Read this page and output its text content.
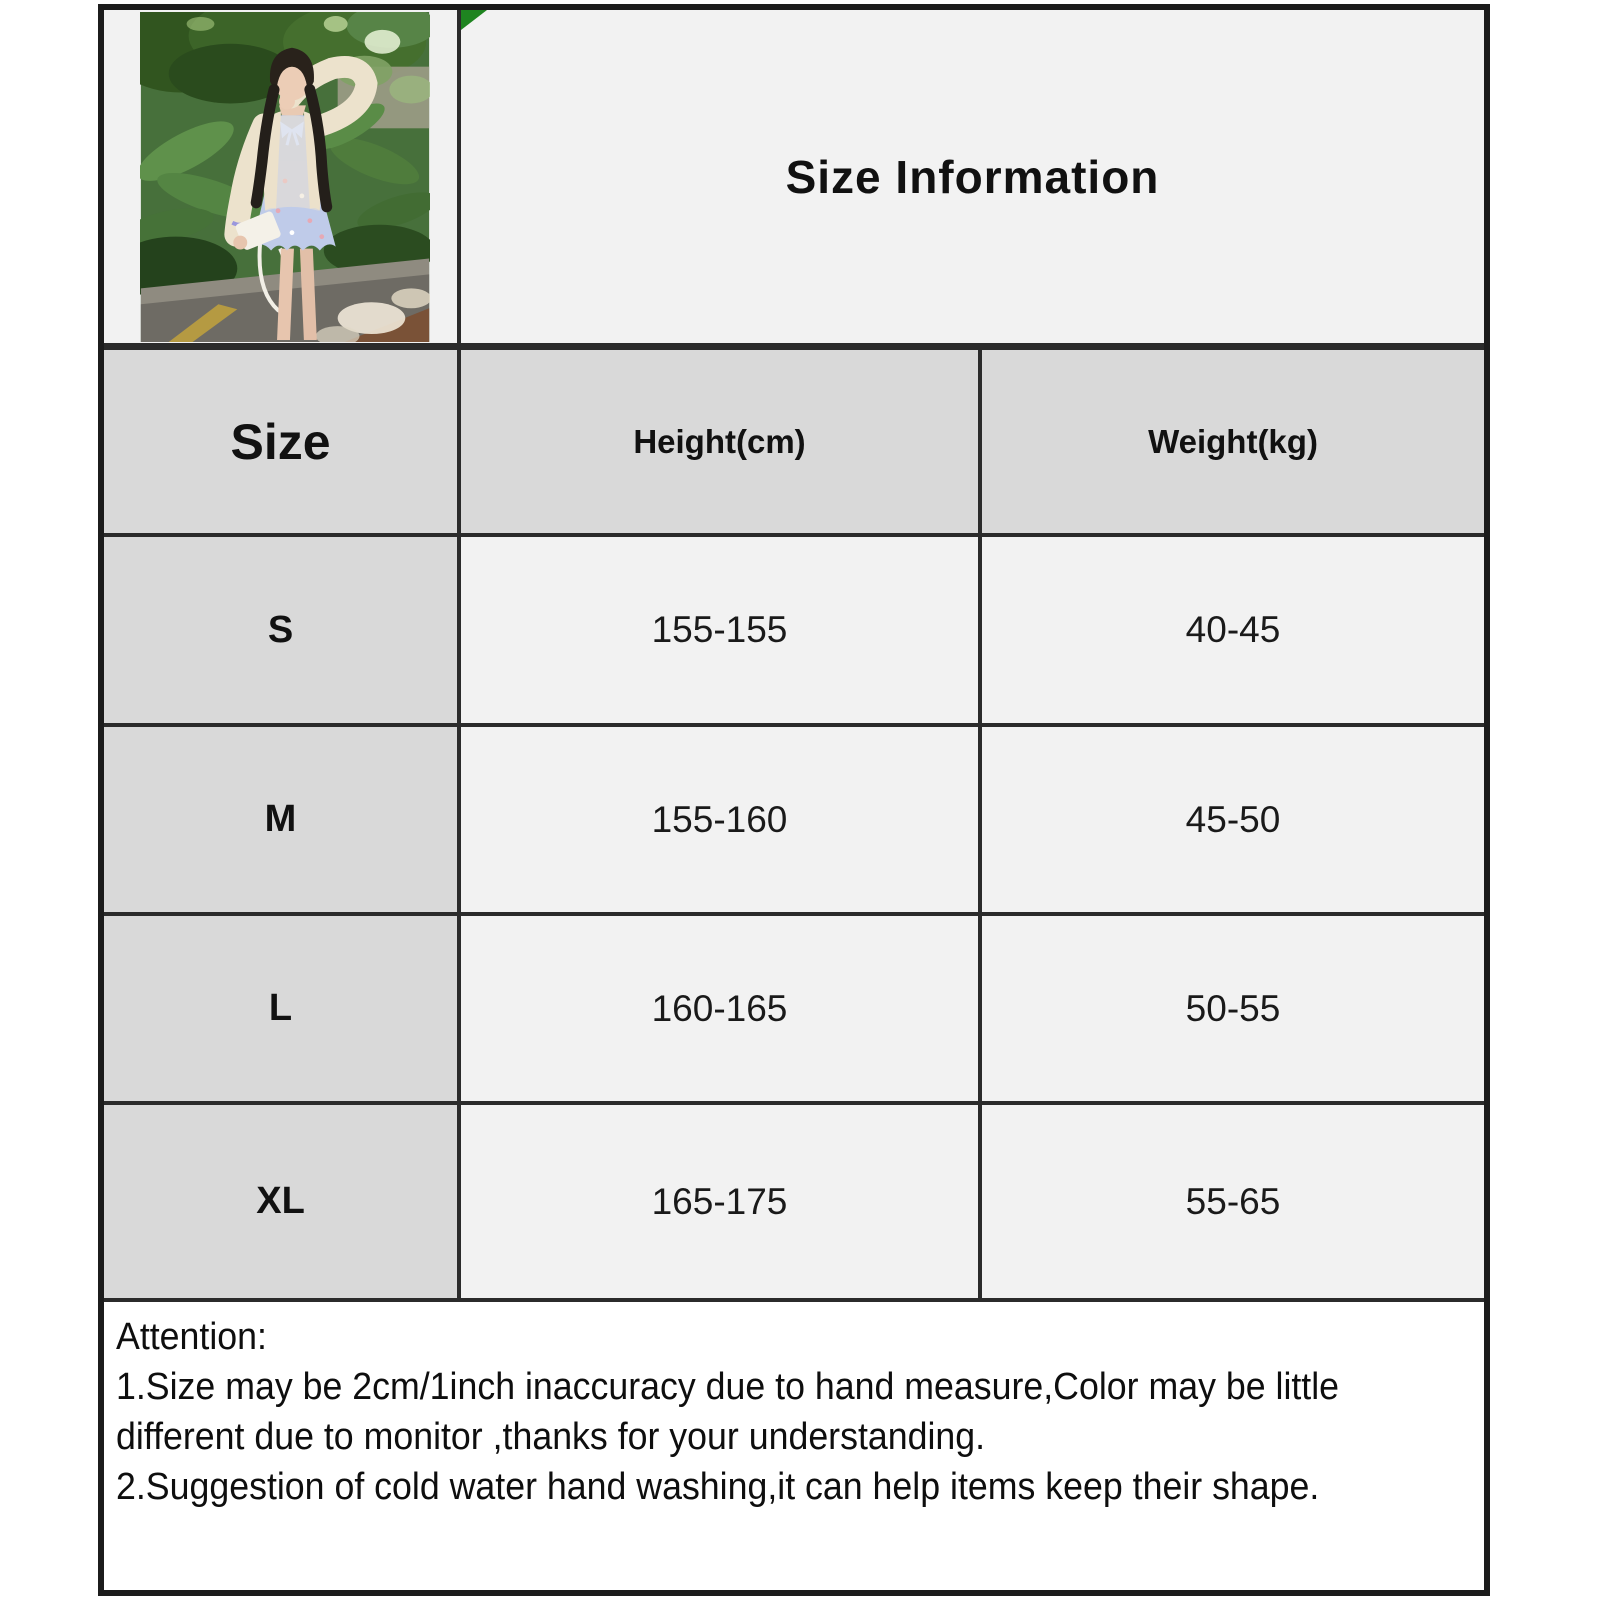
Size Information
Size	Height(cm)	Weight(kg)
S	155-155	40-45
M	155-160	45-50
L	160-165	50-55
XL	165-175	55-65

Attention:

1.Size may be 2cm/1inch inaccuracy due to hand measure,Color may be little different due to monitor ,thanks for your understanding.

2.Suggestion of cold water hand washing,it can help items keep their shape.
